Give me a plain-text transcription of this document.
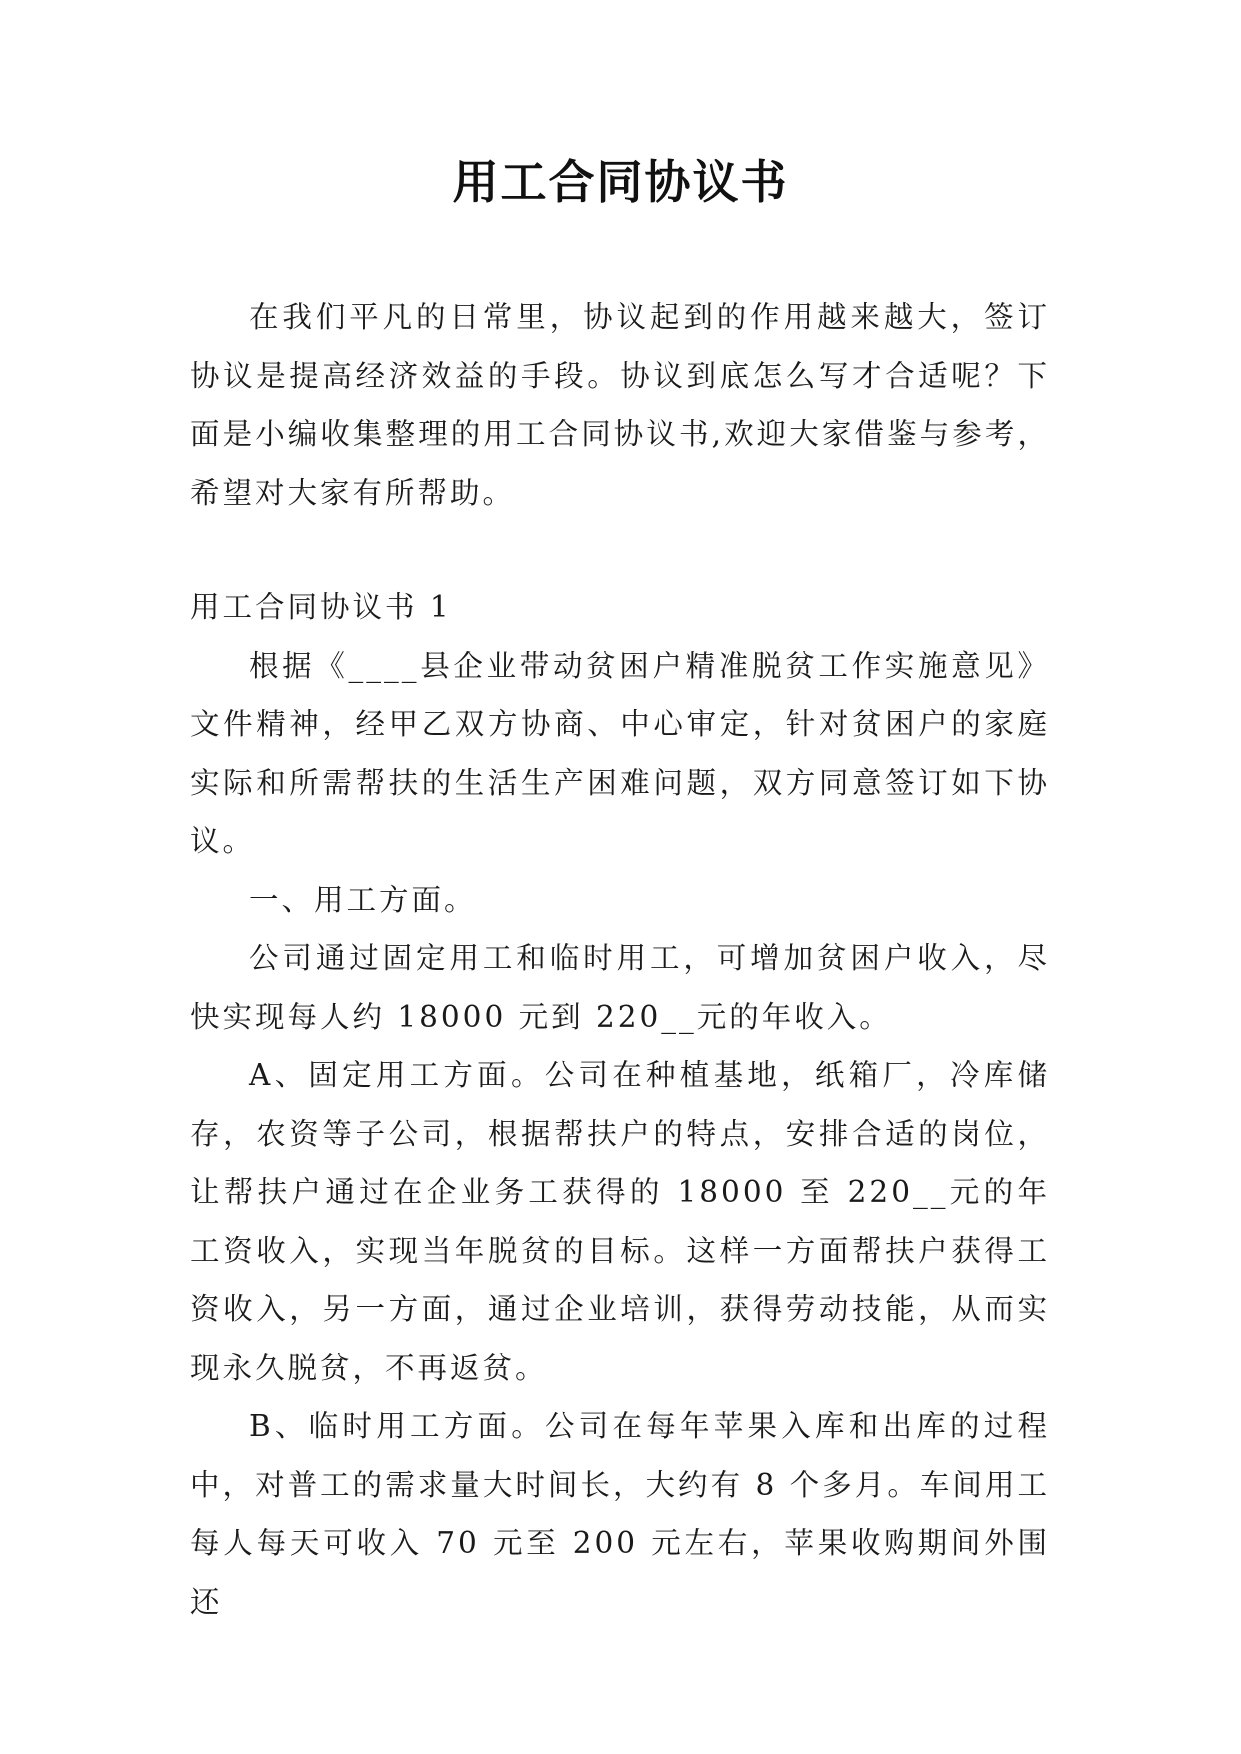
用工合同协议书

在我们平凡的日常里，协议起到的作用越来越大，签订协议是提高经济效益的手段。协议到底怎么写才合适呢？下面是小编收集整理的用工合同协议书,欢迎大家借鉴与参考，希望对大家有所帮助。

用工合同协议书 1

根据《____县企业带动贫困户精准脱贫工作实施意见》文件精神，经甲乙双方协商、中心审定，针对贫困户的家庭实际和所需帮扶的生活生产困难问题，双方同意签订如下协议。

一、用工方面。

公司通过固定用工和临时用工，可增加贫困户收入，尽快实现每人约 18000 元到 220__元的年收入。

A、固定用工方面。公司在种植基地，纸箱厂，冷库储存，农资等子公司，根据帮扶户的特点，安排合适的岗位，让帮扶户通过在企业务工获得的 18000 至 220__元的年工资收入，实现当年脱贫的目标。这样一方面帮扶户获得工资收入，另一方面，通过企业培训，获得劳动技能，从而实现永久脱贫，不再返贫。

B、临时用工方面。公司在每年苹果入库和出库的过程中，对普工的需求量大时间长，大约有 8 个多月。车间用工每人每天可收入 70 元至 200 元左右，苹果收购期间外围还
